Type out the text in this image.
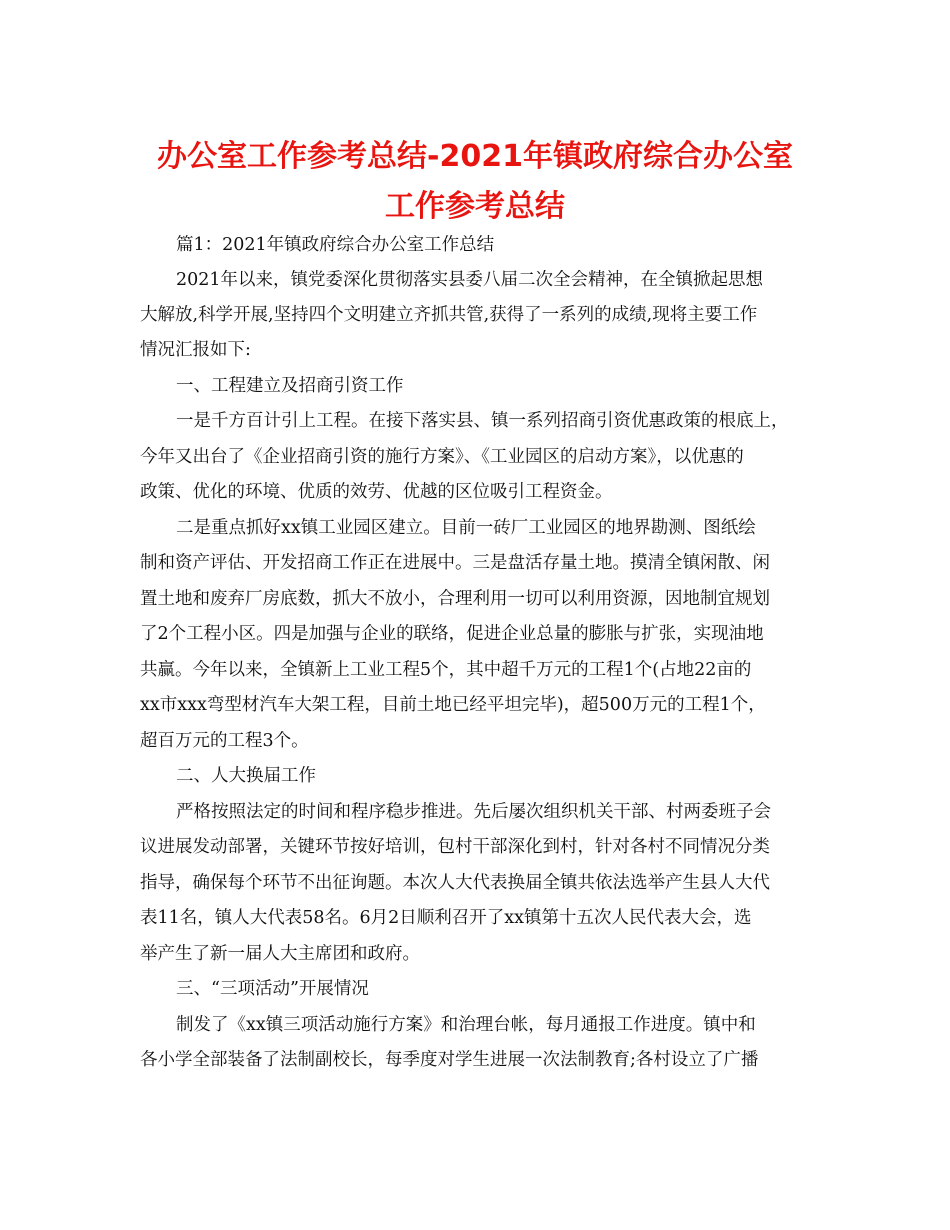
办公室工作参考总结-2021年镇政府综合办公室
工作参考总结
篇1：2021年镇政府综合办公室工作总结
2021年以来，镇党委深化贯彻落实县委八届二次全会精神，在全镇掀起思想
大解放,科学开展,坚持四个文明建立齐抓共管,获得了一系列的成绩,现将主要工作
情况汇报如下:
一、工程建立及招商引资工作
一是千方百计引上工程。在接下落实县、镇一系列招商引资优惠政策的根底上，
今年又出台了《企业招商引资的施行方案》、《工业园区的启动方案》，以优惠的
政策、优化的环境、优质的效劳、优越的区位吸引工程资金。
二是重点抓好xx镇工业园区建立。目前一砖厂工业园区的地界勘测、图纸绘
制和资产评估、开发招商工作正在进展中。三是盘活存量土地。摸清全镇闲散、闲
置土地和废弃厂房底数，抓大不放小，合理利用一切可以利用资源，因地制宜规划
了2个工程小区。四是加强与企业的联络，促进企业总量的膨胀与扩张，实现油地
共赢。今年以来，全镇新上工业工程5个，其中超千万元的工程1个(占地22亩的
xx市xxx弯型材汽车大架工程，目前土地已经平坦完毕)，超500万元的工程1个，
超百万元的工程3个。
二、人大换届工作
严格按照法定的时间和程序稳步推进。先后屡次组织机关干部、村两委班子会
议进展发动部署，关键环节按好培训，包村干部深化到村，针对各村不同情况分类
指导，确保每个环节不出征询题。本次人大代表换届全镇共依法选举产生县人大代
表11名，镇人大代表58名。6月2日顺利召开了xx镇第十五次人民代表大会，选
举产生了新一届人大主席团和政府。
三、“三项活动”开展情况
制发了《xx镇三项活动施行方案》和治理台帐，每月通报工作进度。镇中和
各小学全部装备了法制副校长，每季度对学生进展一次法制教育;各村设立了广播
